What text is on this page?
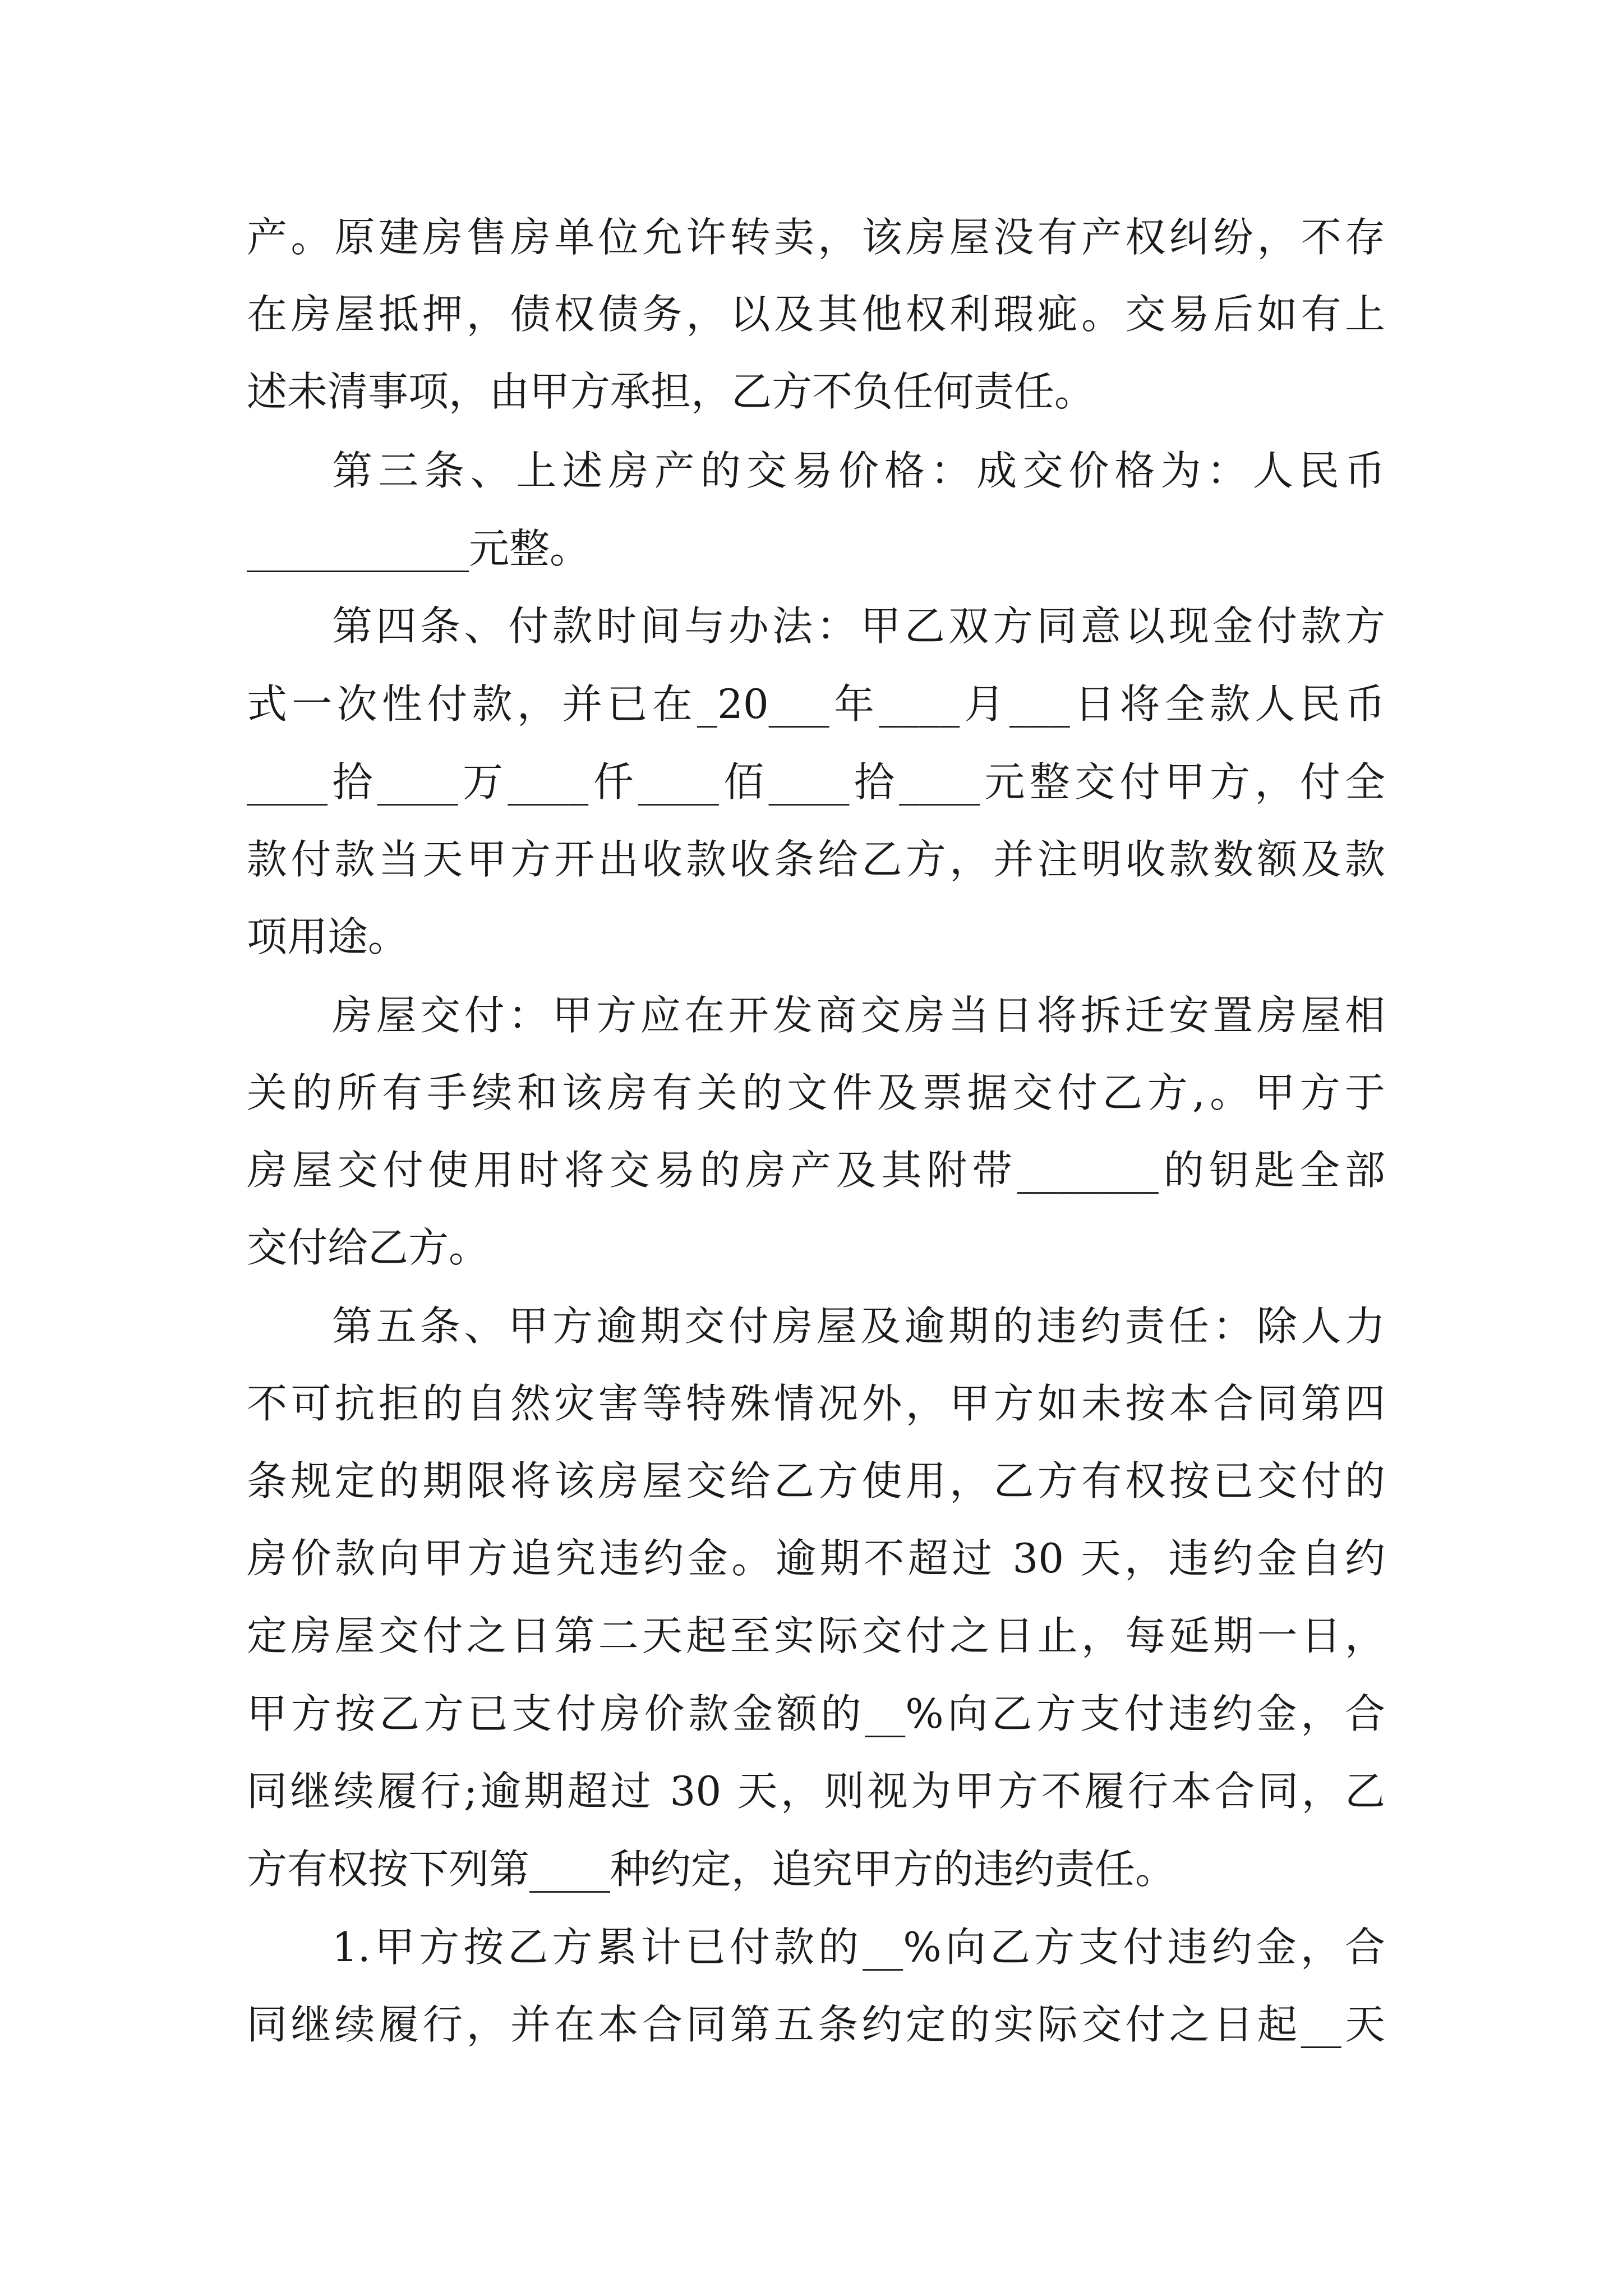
产。原建房售房单位允许转卖，该房屋没有产权纠纷，不存
在房屋抵押，债权债务，以及其他权利瑕疵。交易后如有上
述未清事项，由甲方承担，乙方不负任何责任。
第三条、上述房产的交易价格：成交价格为：人民币
___________元整。
第四条、付款时间与办法：甲乙双方同意以现金付款方
式一次性付款，并已在_20___年____月___日将全款人民币
____拾____万____仟____佰____拾____元整交付甲方，付全
款付款当天甲方开出收款收条给乙方，并注明收款数额及款
项用途。
房屋交付：甲方应在开发商交房当日将拆迁安置房屋相
关的所有手续和该房有关的文件及票据交付乙方,。甲方于
房屋交付使用时将交易的房产及其附带_______的钥匙全部
交付给乙方。
第五条、甲方逾期交付房屋及逾期的违约责任：除人力
不可抗拒的自然灾害等特殊情况外，甲方如未按本合同第四
条规定的期限将该房屋交给乙方使用，乙方有权按已交付的
房价款向甲方追究违约金。逾期不超过 30 天，违约金自约
定房屋交付之日第二天起至实际交付之日止，每延期一日，
甲方按乙方已支付房价款金额的__%向乙方支付违约金，合
同继续履行;逾期超过 30 天，则视为甲方不履行本合同，乙
方有权按下列第____种约定，追究甲方的违约责任。
1.甲方按乙方累计已付款的__%向乙方支付违约金，合
同继续履行，并在本合同第五条约定的实际交付之日起__天
